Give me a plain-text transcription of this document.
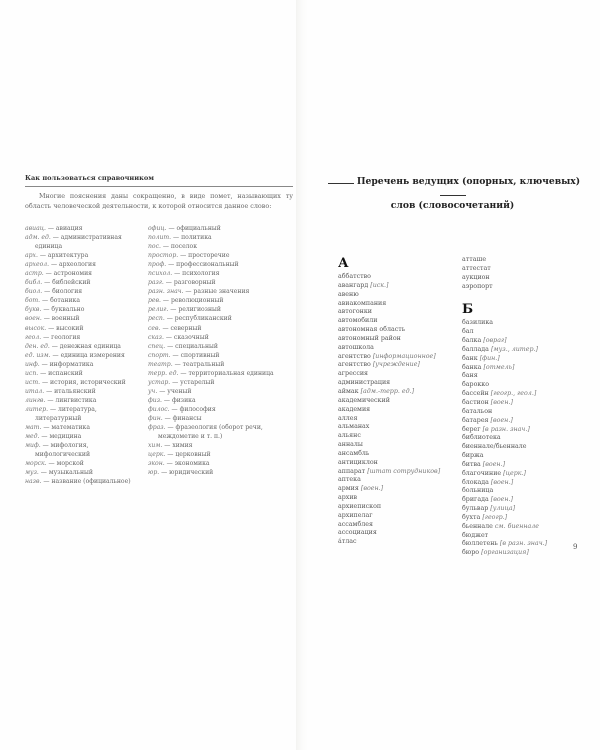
Как пользоваться справочником
Многие пояснения даны сокращенно, в виде помет, называющих ту область человеческой деятельности, к которой относится данное слово:
авиац. — авиация
адм. ед. — административная единица
арх. — архитектура
археол. — археология
астр. — астрономия
библ. — библейский
биол. — биология
бот. — ботаника
букв. — буквально
воен. — военный
высок. — высокий
геол. — геология
ден. ед. — денежная единица
ед. изм. — единица измерения
инф. — информатика
исп. — испанский
ист. — история, исторический
итал. — итальянский
лингв. — лингвистика
литер. — литература, литературный
мат. — математика
мед. — медицина
миф. — мифология, мифологический
морск. — морской
муз. — музыкальный
назв. — название (официальное)
офиц. — официальный
полит. — политика
пос. — поселок
простор. — просторечие
проф. — профессиональный
психол. — психология
разг. — разговорный
разн. знач. — разные значения
рев. — революционный
религ. — религиозный
респ. — республиканский
сев. — северный
сказ. — сказочный
спец. — специальный
спорт. — спортивный
театр. — театральный
терр. ед. — территориальная единица
устар. — устарелый
уч. — ученый
физ. — физика
филос. — философия
фин. — финансы
фраз. — фразеология (оборот речи, междометие и т. п.)
хим. — химия
церк. — церковный
экон. — экономика
юр. — юридический
Перечень ведущих (опорных, ключевых)
слов (словосочетаний)
А
аббатство
авангард [иск.]
авеню
авиакомпания
автогонки
автомобили
автономная область
автономный район
автошкола
агентство [информационное]
агентство [учреждение]
агрессия
администрация
аймак [адм.-терр. ед.]
академический
академия
аллея
альманах
альянс
анналы
ансамбль
антициклон
аппарат [штат сотрудников]
аптека
армия [воен.]
архив
архиепископ
архипелаг
ассамблея
ассоциация
áтлас
атташе
аттестат
аукцион
аэропорт
Б
базилика
бал
балка [овраг]
баллада [муз., литер.]
банк [фин.]
банка [отмель]
баня
барокко
бассейн [геогр., геол.]
бастион [воен.]
батальон
батарея [воен.]
берег [в разн. знач.]
библиотека
биеннале/бьеннале
биржа
битва [воен.]
благочиние [церк.]
блокада [воен.]
больница
бригада [воен.]
бульвар [улица]
бухта [геогр.]
бьеннале см. биеннале
бюджет
бюллетень [в разн. знач.]
бюро [организация]
9
